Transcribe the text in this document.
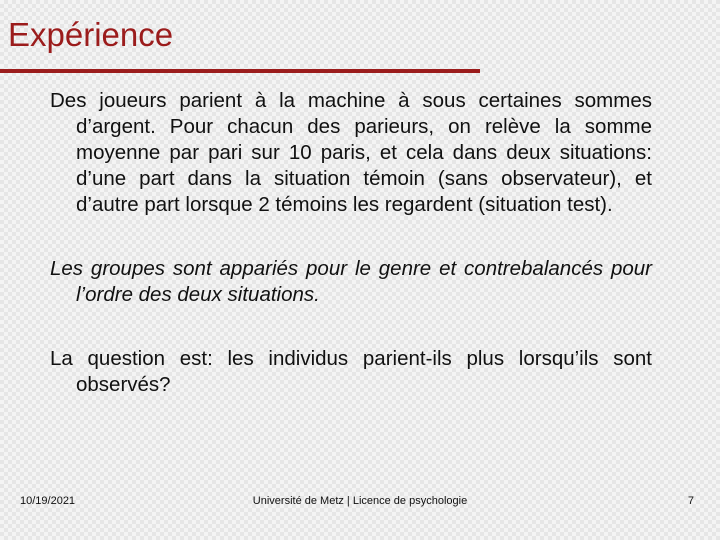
Expérience

Des joueurs parient à la machine à sous certaines sommes d’argent. Pour chacun des parieurs, on relève la somme moyenne par pari sur 10 paris, et cela dans deux situations: d’une part dans la situation témoin (sans observateur), et d’autre part lorsque 2 témoins les regardent (situation test).

Les groupes sont appariés pour le genre et contrebalancés pour l’ordre des deux situations.

La question est: les individus parient-ils plus lorsqu’ils sont observés?

10/19/2021	Université de Metz | Licence de psychologie	7
